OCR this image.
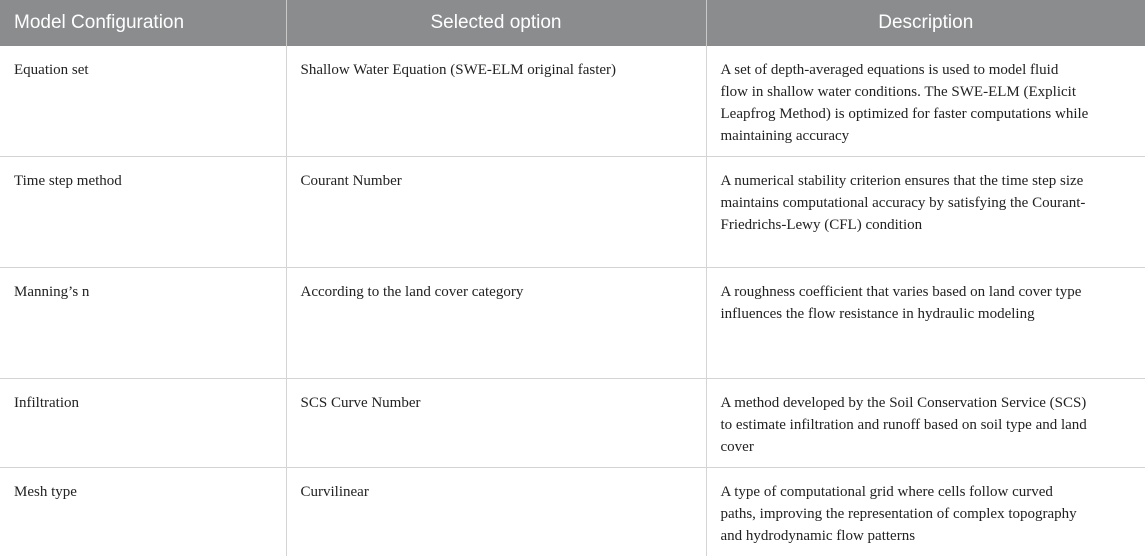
Model Configuration	Selected option	Description
Equation set	Shallow Water Equation (SWE-ELM original faster)	A set of depth-averaged equations is used to model fluid flow in shallow water conditions. The SWE-ELM (Explicit Leapfrog Method) is optimized for faster computations while maintaining accuracy
Time step method	Courant Number	A numerical stability criterion ensures that the time step size maintains computational accuracy by satisfying the Courant-Friedrichs-Lewy (CFL) condition
Manning’s n	According to the land cover category	A roughness coefficient that varies based on land cover type influences the flow resistance in hydraulic modeling
Infiltration	SCS Curve Number	A method developed by the Soil Conservation Service (SCS) to estimate infiltration and runoff based on soil type and land cover
Mesh type	Curvilinear	A type of computational grid where cells follow curved paths, improving the representation of complex topography and hydrodynamic flow patterns
